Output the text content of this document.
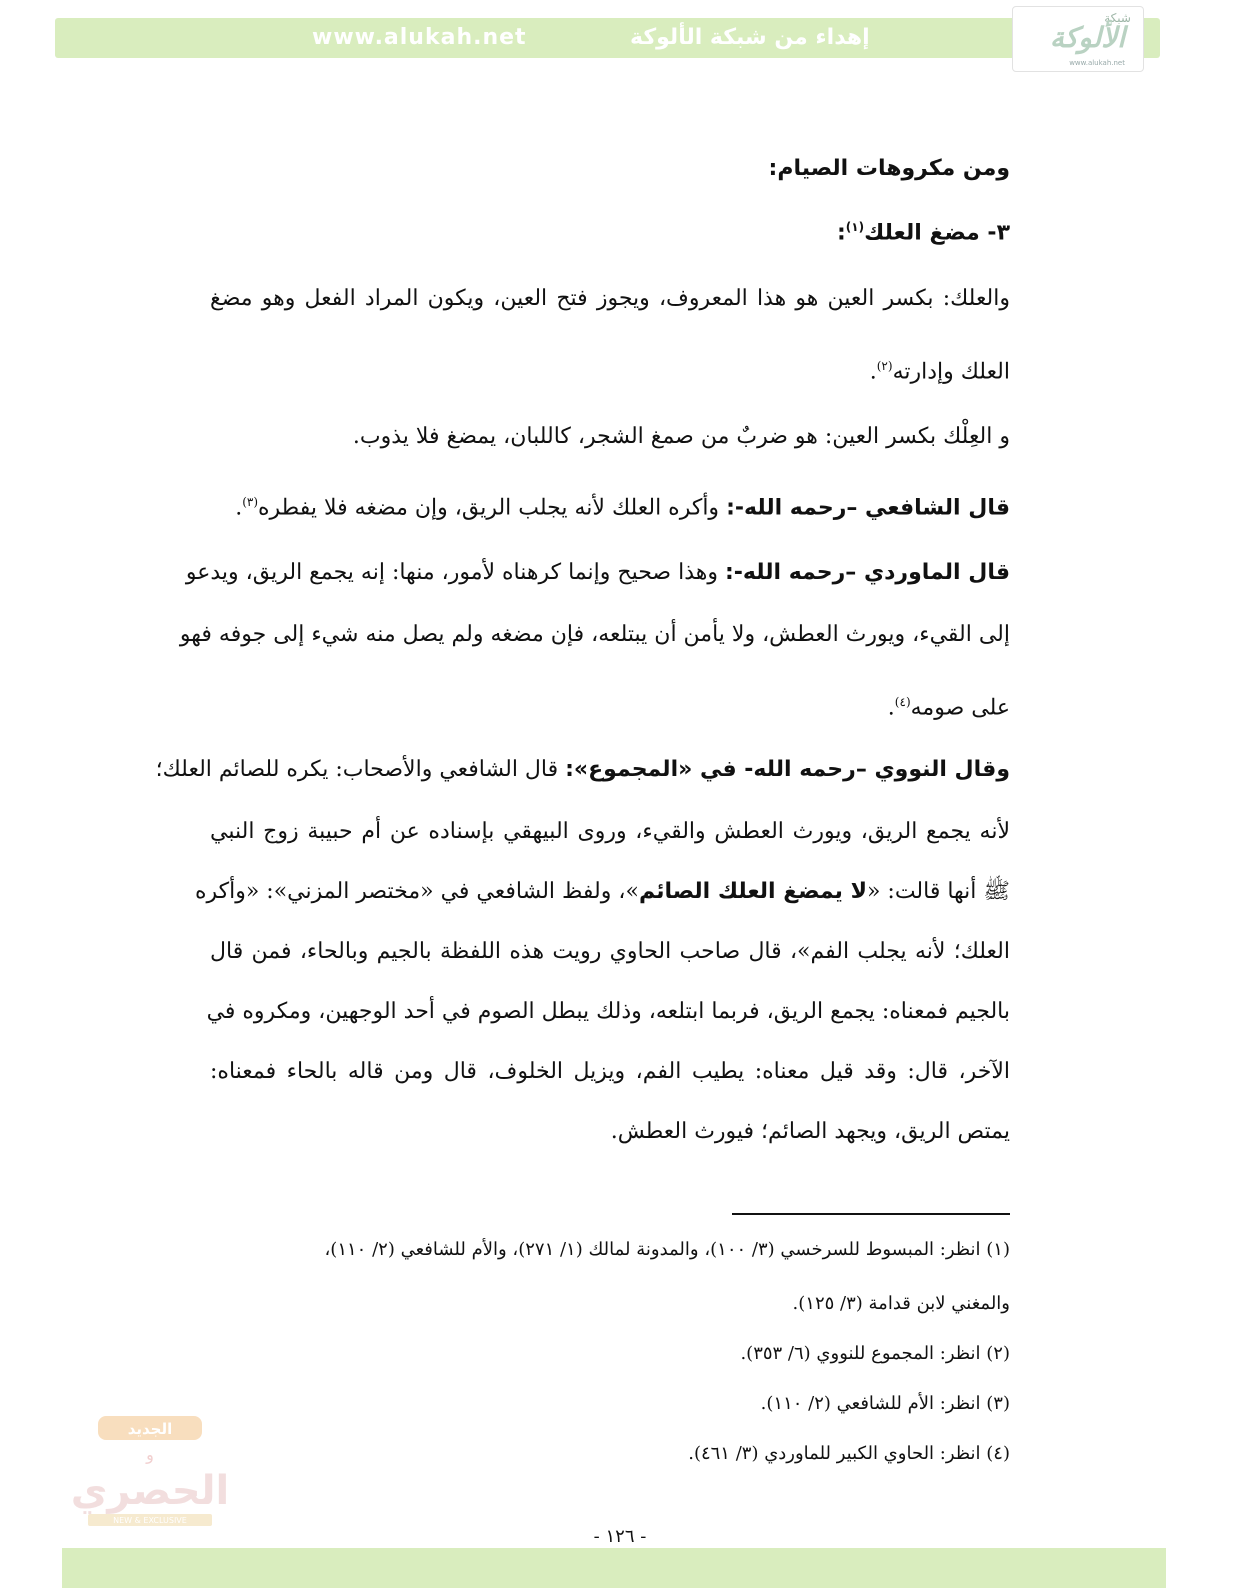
www.alukah.net	إهداء من شبكة الألوكة
شبكة
الألوكة
www.alukah.net
ومن مكروهات الصيام:
٣- مضغ العلك$^{(١)}$:
والعلك: بكسر العين هو هذا المعروف، ويجوز فتح العين، ويكون المراد الفعل وهو مضغ
العلك وإدارته$^{(٢)}$.
و العِلْك بكسر العين: هو ضربٌ من صمغ الشجر، كاللبان، يمضغ فلا يذوب.
قال الشافعي –رحمه الله-: وأكره العلك لأنه يجلب الريق، وإن مضغه فلا يفطره$^{(٣)}$.
قال الماوردي –رحمه الله-: وهذا صحيح وإنما كرهناه لأمور، منها: إنه يجمع الريق، ويدعو
إلى القيء، ويورث العطش، ولا يأمن أن يبتلعه، فإن مضغه ولم يصل منه شيء إلى جوفه فهو
على صومه$^{(٤)}$.
وقال النووي –رحمه الله- في «المجموع»: قال الشافعي والأصحاب: يكره للصائم العلك؛
لأنه يجمع الريق، ويورث العطش والقيء، وروى البيهقي بإسناده عن أم حبيبة زوج النبي
ﷺ أنها قالت: «لا يمضغ العلك الصائم»، ولفظ الشافعي في «مختصر المزني»: «وأكره
العلك؛ لأنه يجلب الفم»، قال صاحب الحاوي رويت هذه اللفظة بالجيم وبالحاء، فمن قال
بالجيم فمعناه: يجمع الريق، فربما ابتلعه، وذلك يبطل الصوم في أحد الوجهين، ومكروه في
الآخر، قال: وقد قيل معناه: يطيب الفم، ويزيل الخلوف، قال ومن قاله بالحاء فمعناه:
يمتص الريق، ويجهد الصائم؛ فيورث العطش.
(١) انظر: المبسوط للسرخسي (٣/ ١٠٠)، والمدونة لمالك (١/ ٢٧١)، والأم للشافعي (٢/ ١١٠)،
والمغني لابن قدامة (٣/ ١٢٥).
(٢) انظر: المجموع للنووي (٦/ ٣٥٣).
(٣) انظر: الأم للشافعي (٢/ ١١٠).
(٤) انظر: الحاوي الكبير للماوردي (٣/ ٤٦١).
الجديد
و
الحصري
NEW & EXCLUSIVE
- ١٢٦ -
